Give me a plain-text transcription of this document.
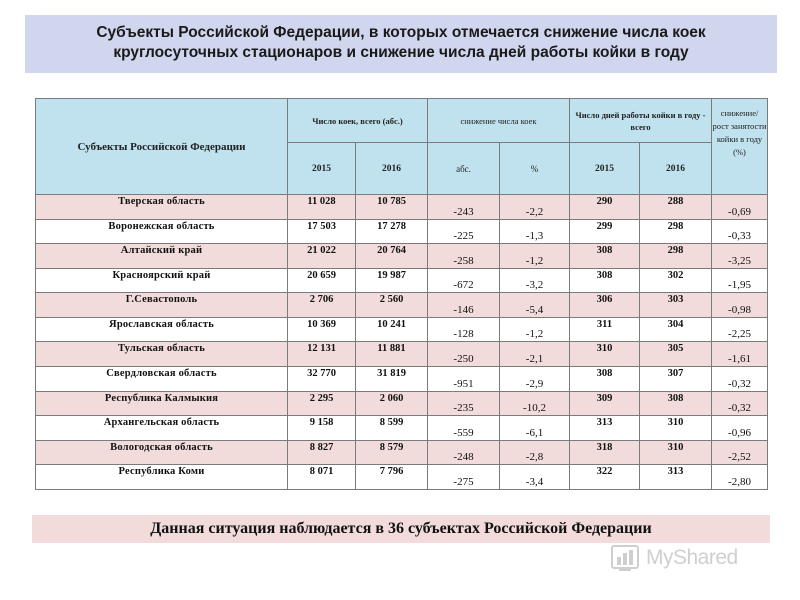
Субъекты Российской Федерации, в которых отмечается снижение числа коек
круглосуточных стационаров и снижение числа дней работы койки в году
Субъекты Российской Федерации	Число коек, всего (абс.)		снижение числа коек		Число дней работы койки в году - всего		снижение/ рост занятости койки в году (%)
	2015	2016	абс.	%	2015	2016	
Тверская область	11 028	10 785	-243	-2,2	290	288	-0,69
Воронежская область	17 503	17 278	-225	-1,3	299	298	-0,33
Алтайский край	21 022	20 764	-258	-1,2	308	298	-3,25
Красноярский край	20 659	19 987	-672	-3,2	308	302	-1,95
Г.Севастополь	2 706	2 560	-146	-5,4	306	303	-0,98
Ярославская область	10 369	10 241	-128	-1,2	311	304	-2,25
Тульская область	12 131	11 881	-250	-2,1	310	305	-1,61
Свердловская область	32 770	31 819	-951	-2,9	308	307	-0,32
Республика Калмыкия	2 295	2 060	-235	-10,2	309	308	-0,32
Архангельская область	9 158	8 599	-559	-6,1	313	310	-0,96
Вологодская область	8 827	8 579	-248	-2,8	318	310	-2,52
Республика Коми	8 071	7 796	-275	-3,4	322	313	-2,80
Данная ситуация наблюдается в 36 субъектах Российской Федерации
MyShared
